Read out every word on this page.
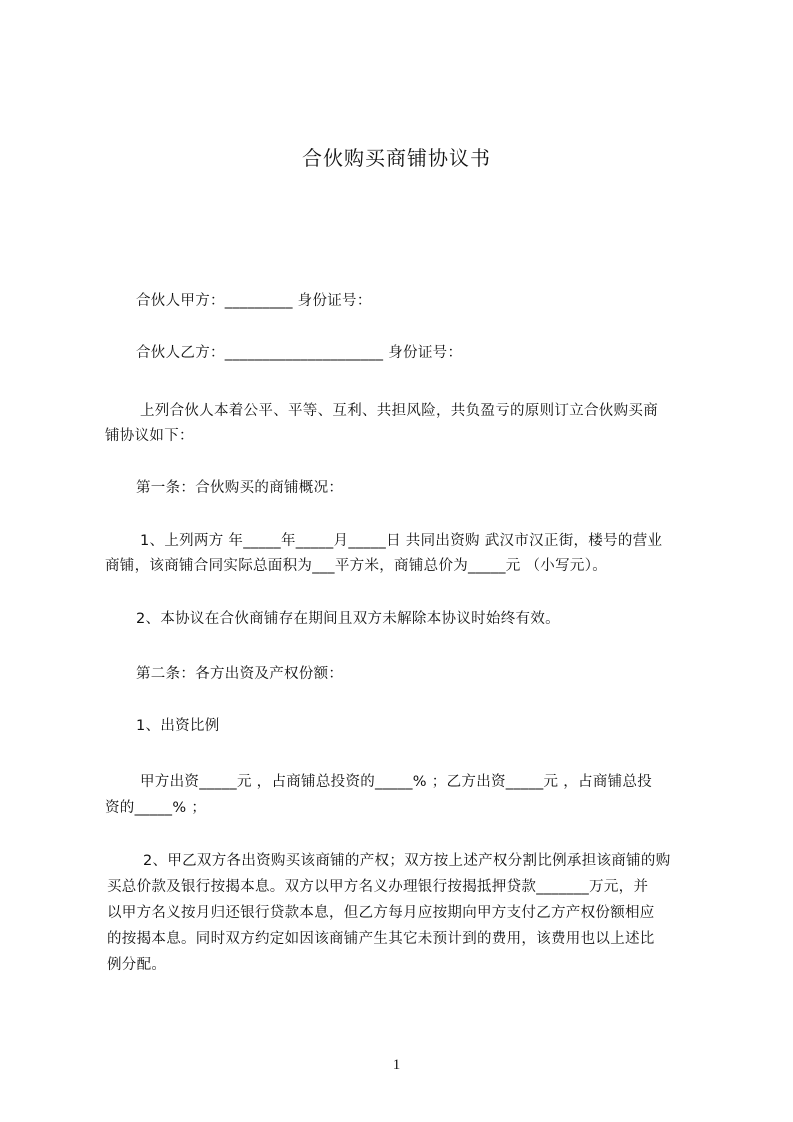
合伙购买商铺协议书
合伙人甲方：_________ 身份证号：
合伙人乙方：_____________________ 身份证号：
上列合伙人本着公平、平等、互利、共担风险，共负盈亏的原则订立合伙购买商
铺协议如下：
第一条：合伙购买的商铺概况：
1、上列两方 年_____年_____月_____日 共同出资购 武汉市汉正街，楼号的营业
商铺，该商铺合同实际总面积为___平方米，商铺总价为_____元 （小写元）。
2、本协议在合伙商铺存在期间且双方未解除本协议时始终有效。
第二条：各方出资及产权份额：
1、出资比例
甲方出资_____元 ，占商铺总投资的_____% ；乙方出资_____元 ，占商铺总投
资的_____% ；
2、甲乙双方各出资购买该商铺的产权；双方按上述产权分割比例承担该商铺的购
买总价款及银行按揭本息。双方以甲方名义办理银行按揭抵押贷款_______万元，并
以甲方名义按月归还银行贷款本息，但乙方每月应按期向甲方支付乙方产权份额相应
的按揭本息。同时双方约定如因该商铺产生其它未预计到的费用，该费用也以上述比
例分配。
1
